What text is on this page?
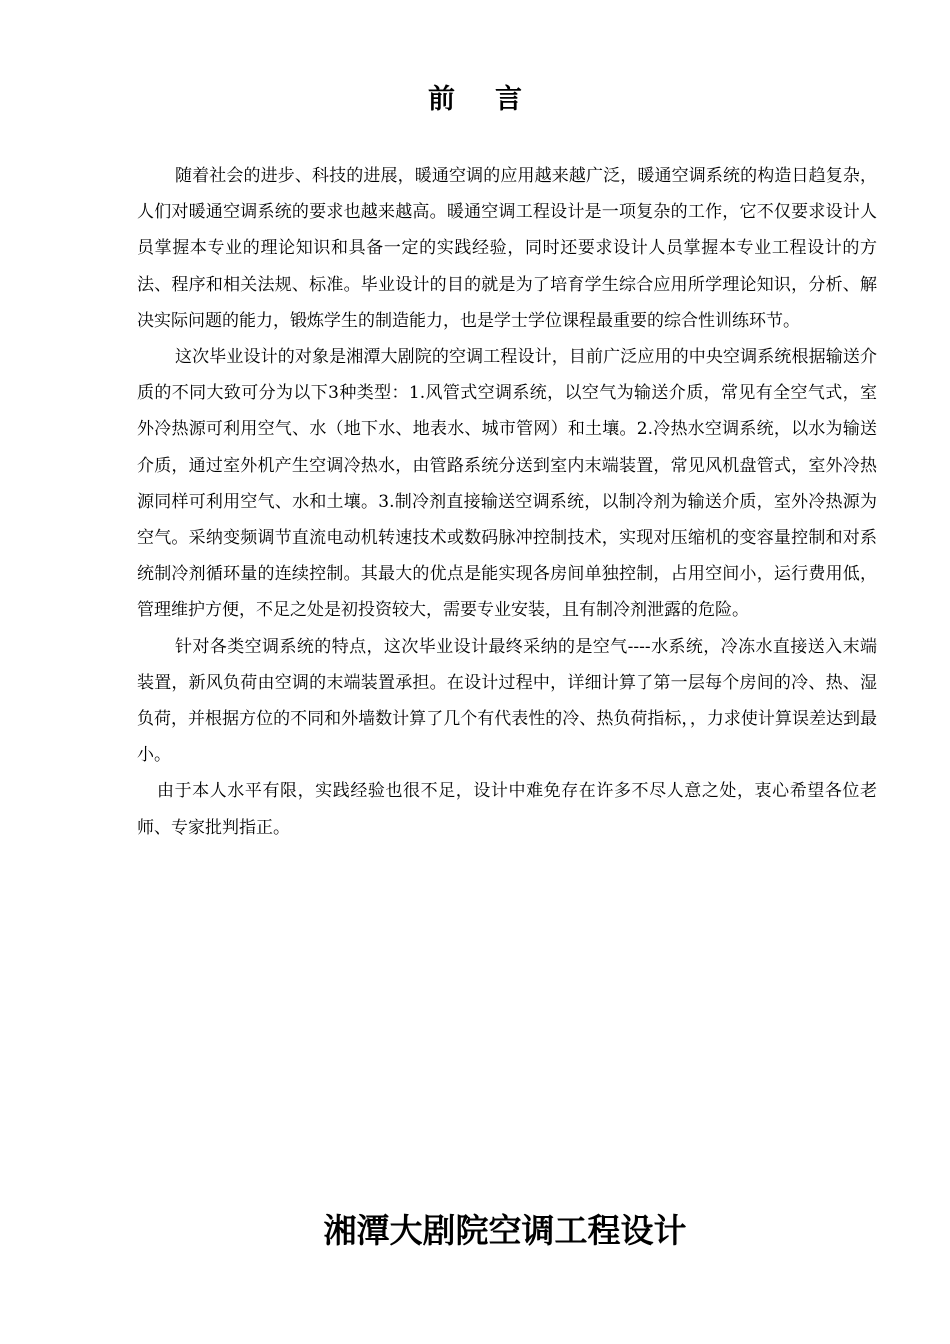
前言

随着社会的进步、科技的进展，暖通空调的应用越来越广泛，暖通空调系统的构造日趋复杂，人们对暖通空调系统的要求也越来越高。暖通空调工程设计是一项复杂的工作，它不仅要求设计人员掌握本专业的理论知识和具备一定的实践经验，同时还要求设计人员掌握本专业工程设计的方法、程序和相关法规、标准。毕业设计的目的就是为了培育学生综合应用所学理论知识，分析、解决实际问题的能力，锻炼学生的制造能力，也是学士学位课程最重要的综合性训练环节。

这次毕业设计的对象是湘潭大剧院的空调工程设计，目前广泛应用的中央空调系统根据输送介质的不同大致可分为以下3种类型：1.风管式空调系统，以空气为输送介质，常见有全空气式，室外冷热源可利用空气、水（地下水、地表水、城市管网）和土壤。2.冷热水空调系统，以水为输送介质，通过室外机产生空调冷热水，由管路系统分送到室内末端装置，常见风机盘管式，室外冷热源同样可利用空气、水和土壤。3.制冷剂直接输送空调系统，以制冷剂为输送介质，室外冷热源为空气。采纳变频调节直流电动机转速技术或数码脉冲控制技术，实现对压缩机的变容量控制和对系统制冷剂循环量的连续控制。其最大的优点是能实现各房间单独控制，占用空间小，运行费用低，管理维护方便，不足之处是初投资较大，需要专业安装，且有制冷剂泄露的危险。

针对各类空调系统的特点，这次毕业设计最终采纳的是空气----水系统，冷冻水直接送入末端装置，新风负荷由空调的末端装置承担。在设计过程中，详细计算了第一层每个房间的冷、热、湿负荷，并根据方位的不同和外墙数计算了几个有代表性的冷、热负荷指标，，力求使计算误差达到最小。

由于本人水平有限，实践经验也很不足，设计中难免存在许多不尽人意之处，衷心希望各位老师、专家批判指正。

湘潭大剧院空调工程设计
